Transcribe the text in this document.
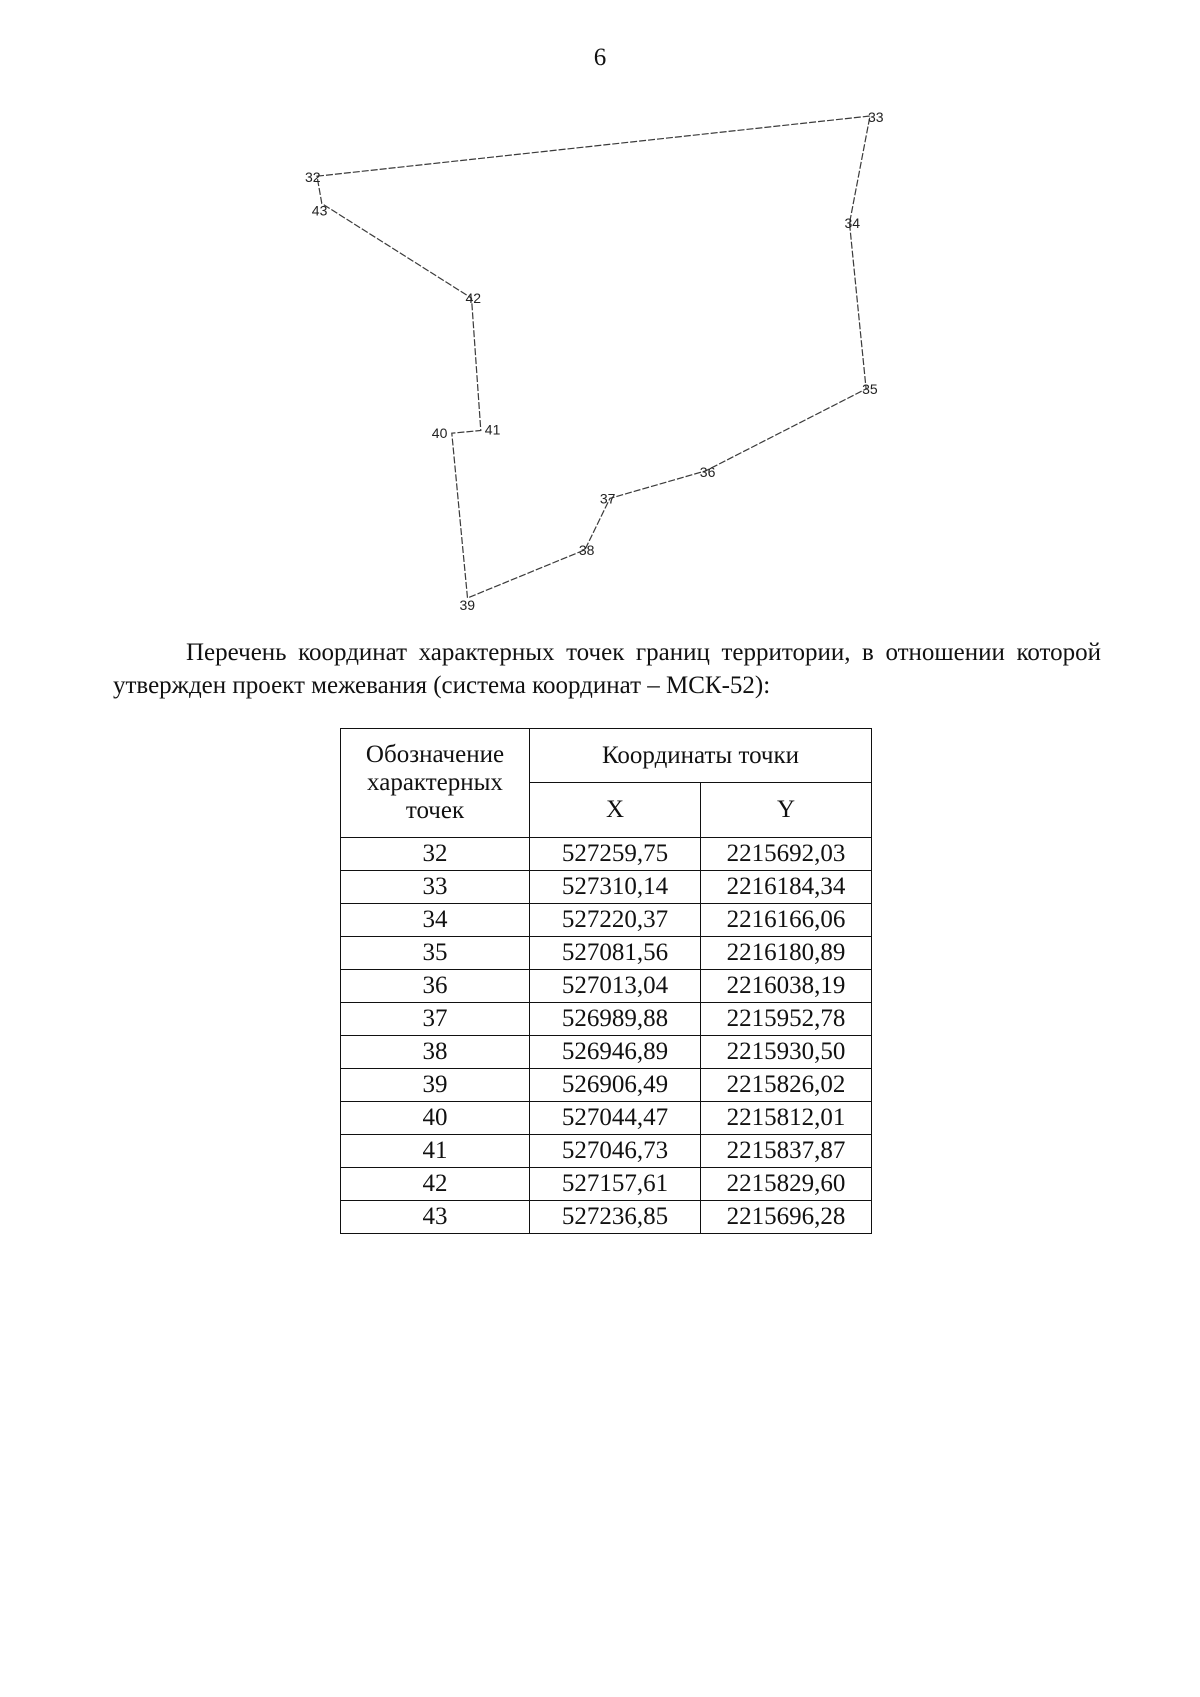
6
32
33
34
35
36
37
38
39
40	41
42
43
Перечень координат характерных точек границ территории, в отношении которой утвержден проект межевания (система координат – МСК-52):
Обозначение характерных точек	Координаты точки	
	X	Y
32	527259,75	2215692,03
33	527310,14	2216184,34
34	527220,37	2216166,06
35	527081,56	2216180,89
36	527013,04	2216038,19
37	526989,88	2215952,78
38	526946,89	2215930,50
39	526906,49	2215826,02
40	527044,47	2215812,01
41	527046,73	2215837,87
42	527157,61	2215829,60
43	527236,85	2215696,28
